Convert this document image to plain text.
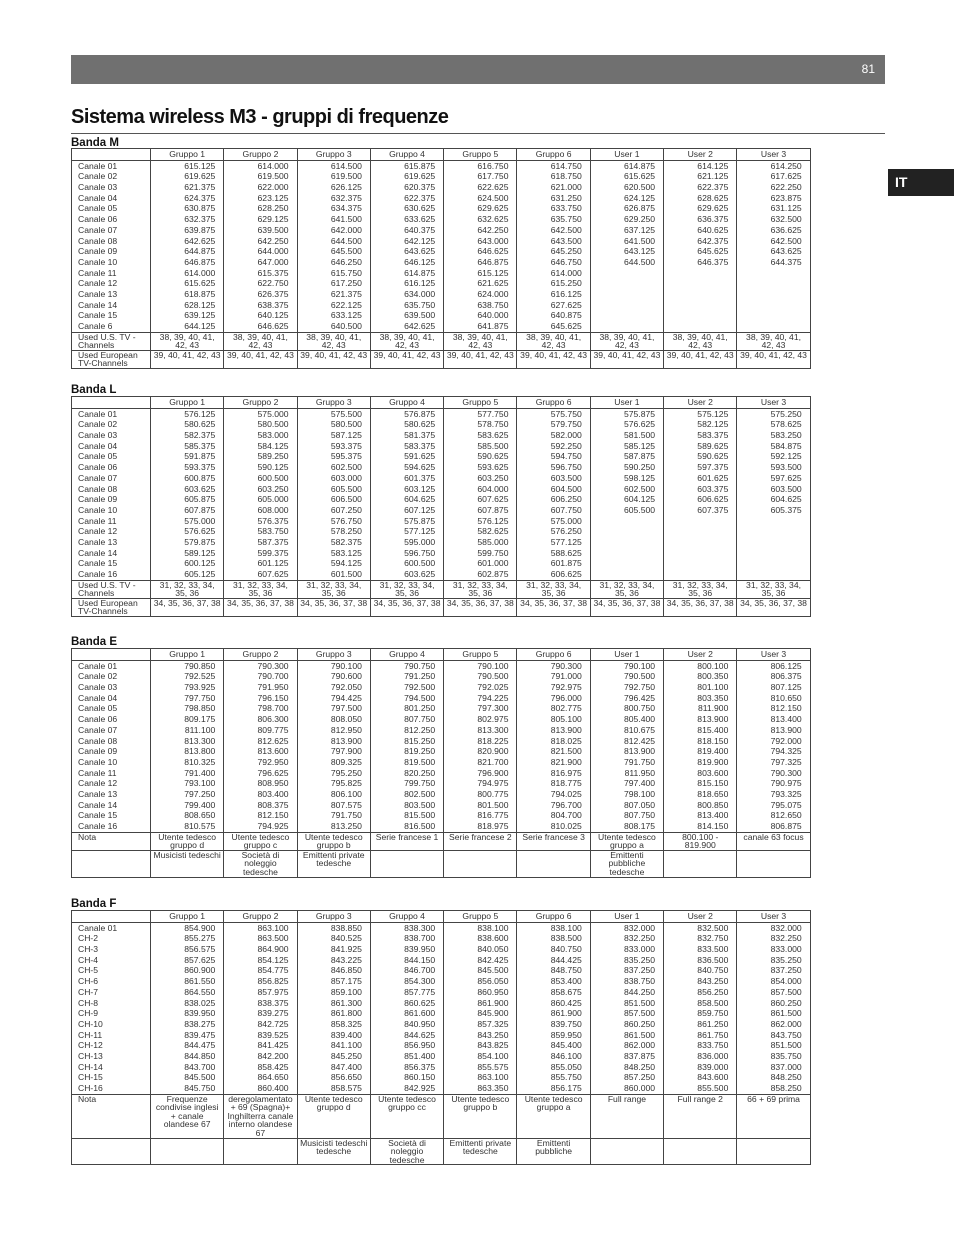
81
Sistema wireless M3 - gruppi di frequenze
IT
Banda M
	Gruppo 1	Gruppo 2	Gruppo 3	Gruppo 4	Gruppo 5	Gruppo 6	User 1	User 2	User 3
Canale 01	615.125	614.000	614.500	615.875	616.750	614.750	614.875	614.125	614.250
Canale 02	619.625	619.500	619.500	619.625	617.750	618.750	615.625	621.125	617.625
Canale 03	621.375	622.000	626.125	620.375	622.625	621.000	620.500	622.375	622.250
Canale 04	624.375	623.125	632.375	622.375	624.500	631.250	624.125	628.625	623.875
Canale 05	630.875	628.250	634.375	630.625	629.625	633.750	626.875	629.625	631.125
Canale 06	632.375	629.125	641.500	633.625	632.625	635.750	629.250	636.375	632.500
Canale 07	639.875	639.500	642.000	640.375	642.250	642.500	637.125	640.625	636.625
Canale 08	642.625	642.250	644.500	642.125	643.000	643.500	641.500	642.375	642.500
Canale 09	644.875	644.000	645.500	643.625	646.625	645.250	643.125	645.625	643.625
Canale 10	646.875	647.000	646.250	646.125	646.875	646.750	644.500	646.375	644.375
Canale 11	614.000	615.375	615.750	614.875	615.125	614.000			
Canale 12	615.625	622.750	617.250	616.125	621.625	615.250			
Canale 13	618.875	626.375	621.375	634.000	624.000	616.125			
Canale 14	628.125	638.375	622.125	635.750	638.750	627.625			
Canale 15	639.125	640.125	633.125	639.500	640.000	640.875			
Canale 6	644.125	646.625	640.500	642.625	641.875	645.625			
Used U.S. TV - Channels	38, 39, 40, 41, 42, 43	38, 39, 40, 41, 42, 43	38, 39, 40, 41, 42, 43	38, 39, 40, 41, 42, 43	38, 39, 40, 41, 42, 43	38, 39, 40, 41, 42, 43	38, 39, 40, 41, 42, 43	38, 39, 40, 41, 42, 43	38, 39, 40, 41, 42, 43
Used European TV-Channels	39, 40, 41, 42, 43	39, 40, 41, 42, 43	39, 40, 41, 42, 43	39, 40, 41, 42, 43	39, 40, 41, 42, 43	39, 40, 41, 42, 43	39, 40, 41, 42, 43	39, 40, 41, 42, 43	39, 40, 41, 42, 43
Banda L
	Gruppo 1	Gruppo 2	Gruppo 3	Gruppo 4	Gruppo 5	Gruppo 6	User 1	User 2	User 3
Canale 01	576.125	575.000	575.500	576.875	577.750	575.750	575.875	575.125	575.250
Canale 02	580.625	580.500	580.500	580.625	578.750	579.750	576.625	582.125	578.625
Canale 03	582.375	583.000	587.125	581.375	583.625	582.000	581.500	583.375	583.250
Canale 04	585.375	584.125	593.375	583.375	585.500	592.250	585.125	589.625	584.875
Canale 05	591.875	589.250	595.375	591.625	590.625	594.750	587.875	590.625	592.125
Canale 06	593.375	590.125	602.500	594.625	593.625	596.750	590.250	597.375	593.500
Canale 07	600.875	600.500	603.000	601.375	603.250	603.500	598.125	601.625	597.625
Canale 08	603.625	603.250	605.500	603.125	604.000	604.500	602.500	603.375	603.500
Canale 09	605.875	605.000	606.500	604.625	607.625	606.250	604.125	606.625	604.625
Canale 10	607.875	608.000	607.250	607.125	607.875	607.750	605.500	607.375	605.375
Canale 11	575.000	576.375	576.750	575.875	576.125	575.000			
Canale 12	576.625	583.750	578.250	577.125	582.625	576.250			
Canale 13	579.875	587.375	582.375	595.000	585.000	577.125			
Canale 14	589.125	599.375	583.125	596.750	599.750	588.625			
Canale 15	600.125	601.125	594.125	600.500	601.000	601.875			
Canale 16	605.125	607.625	601.500	603.625	602.875	606.625			
Used U.S. TV - Channels	31, 32, 33, 34, 35, 36	31, 32, 33, 34, 35, 36	31, 32, 33, 34, 35, 36	31, 32, 33, 34, 35, 36	31, 32, 33, 34, 35, 36	31, 32, 33, 34, 35, 36	31, 32, 33, 34, 35, 36	31, 32, 33, 34, 35, 36	31, 32, 33, 34, 35, 36
Used European TV-Channels	34, 35, 36, 37, 38	34, 35, 36, 37, 38	34, 35, 36, 37, 38	34, 35, 36, 37, 38	34, 35, 36, 37, 38	34, 35, 36, 37, 38	34, 35, 36, 37, 38	34, 35, 36, 37, 38	34, 35, 36, 37, 38
Banda E
	Gruppo 1	Gruppo 2	Gruppo 3	Gruppo 4	Gruppo 5	Gruppo 6	User 1	User 2	User 3
Canale 01	790.850	790.300	790.100	790.750	790.100	790.300	790.100	800.100	806.125
Canale 02	792.525	790.700	790.600	791.250	790.500	791.000	790.500	800.350	806.375
Canale 03	793.925	791.950	792.050	792.500	792.025	792.975	792.750	801.100	807.125
Canale 04	797.750	796.150	794.425	794.500	794.225	796.000	796.425	803.350	810.650
Canale 05	798.850	798.700	797.500	801.250	797.300	802.775	800.750	811.900	812.150
Canale 06	809.175	806.300	808.050	807.750	802.975	805.100	805.400	813.900	813.400
Canale 07	811.100	809.775	812.950	812.250	813.300	813.900	810.675	815.400	813.900
Canale 08	813.300	812.625	813.900	815.250	818.225	818.025	812.425	818.150	792.000
Canale 09	813.800	813.600	797.900	819.250	820.900	821.500	813.900	819.400	794.325
Canale 10	810.325	792.950	809.325	819.500	821.700	821.900	791.750	819.900	797.325
Canale 11	791.400	796.625	795.250	820.250	796.900	816.975	811.950	803.600	790.300
Canale 12	793.100	808.950	795.825	799.750	794.975	818.775	797.400	815.150	790.975
Canale 13	797.250	803.400	806.100	802.500	800.775	794.025	798.100	818.650	793.325
Canale 14	799.400	808.375	807.575	803.500	801.500	796.700	807.050	800.850	795.075
Canale 15	808.650	812.150	791.750	815.500	816.775	804.700	807.750	813.400	812.650
Canale 16	810.575	794.925	813.250	816.500	818.975	810.025	808.175	814.150	806.875
Nota	Utente tedesco gruppo d	Utente tedesco gruppo c	Utente tedesco gruppo b	Serie francese 1	Serie francese 2	Serie francese 3	Utente tedesco gruppo a	800.100 - 819.900	canale 63 focus
	Musicisti tedeschi	Società di noleggio tedesche	Emittenti private tedesche				Emittenti pubbliche tedesche		
Banda F
	Gruppo 1	Gruppo 2	Gruppo 3	Gruppo 4	Gruppo 5	Gruppo 6	User 1	User 2	User 3
Canale 01	854.900	863.100	838.850	838.300	838.100	838.100	832.000	832.500	832.000
CH-2	855.275	863.500	840.525	838.700	838.600	838.500	832.250	832.750	832.250
CH-3	856.575	864.900	841.925	839.950	840.050	840.750	833.000	833.500	833.000
CH-4	857.625	854.125	843.225	844.150	842.425	844.425	835.250	836.500	835.250
CH-5	860.900	854.775	846.850	846.700	845.500	848.750	837.250	840.750	837.250
CH-6	861.550	856.825	857.175	854.300	856.050	853.400	838.750	843.250	854.000
CH-7	864.550	857.975	859.100	857.775	860.950	858.675	844.250	856.250	857.500
CH-8	838.025	838.375	861.300	860.625	861.900	860.425	851.500	858.500	860.250
CH-9	839.950	839.275	861.800	861.600	845.900	861.900	857.500	859.750	861.500
CH-10	838.275	842.725	858.325	840.950	857.325	839.750	860.250	861.250	862.000
CH-11	839.475	839.525	839.400	844.625	843.250	859.950	861.500	861.750	843.750
CH-12	844.475	841.425	841.100	856.950	843.825	845.400	862.000	833.750	851.500
CH-13	844.850	842.200	845.250	851.400	854.100	846.100	837.875	836.000	835.750
CH-14	843.700	858.425	847.400	856.375	855.575	855.050	848.250	839.000	837.000
CH-15	845.500	864.650	856.650	860.150	863.100	855.750	857.250	843.600	848.250
CH-16	845.750	860.400	858.575	842.925	863.350	856.175	860.000	855.500	858.250
Nota	Frequenze condivise inglesi + canale olandese 67	deregolamentato + 69 (Spagna)+ Inghilterra canale interno olandese 67	Utente tedesco gruppo d	Utente tedesco gruppo cc	Utente tedesco gruppo b	Utente tedesco gruppo a	Full range	Full range 2	66 + 69 prima
			Musicisti tedeschi tedesche	Società di noleggio tedesche	Emittenti private tedesche	Emittenti pubbliche			
